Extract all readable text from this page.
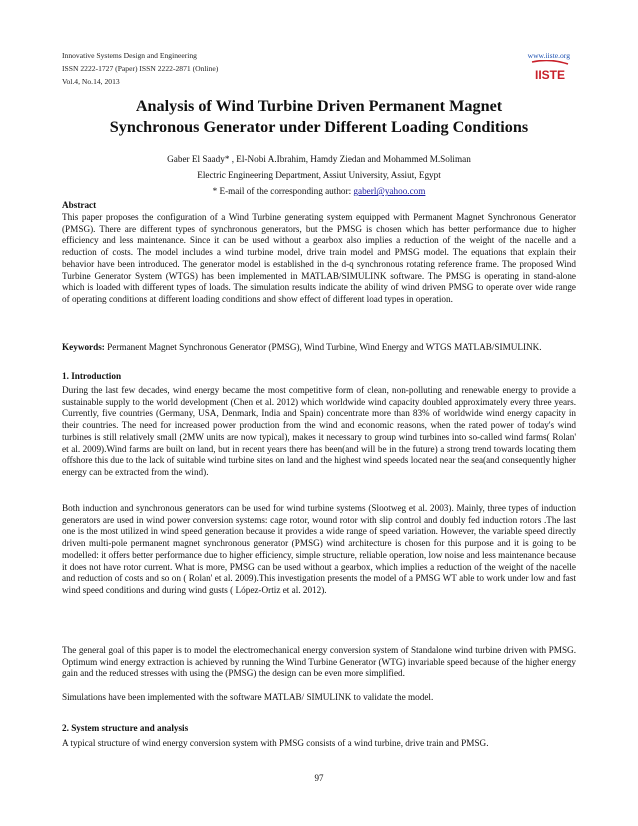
Innovative Systems Design and Engineering
ISSN 2222-1727 (Paper) ISSN 2222-2871 (Online)
Vol.4, No.14, 2013
www.iiste.org
IISTE
Analysis of Wind Turbine Driven Permanent Magnet
Synchronous Generator under Different Loading Conditions
Gaber El Saady* , El-Nobi A.Ibrahim, Hamdy Ziedan and Mohammed M.Soliman
Electric Engineering Department, Assiut University, Assiut, Egypt
* E-mail of the corresponding author: gaberl@yahoo.com
Abstract

This paper proposes the configuration of a Wind Turbine generating system equipped with Permanent Magnet Synchronous Generator (PMSG). There are different types of synchronous generators, but the PMSG is chosen which has better performance due to higher efficiency and less maintenance. Since it can be used without a gearbox also implies a reduction of the weight of the nacelle and a reduction of costs. The model includes a wind turbine model, drive train model and PMSG model. The equations that explain their behavior have been introduced. The generator model is established in the d-q synchronous rotating reference frame. The proposed Wind Turbine Generator System (WTGS) has been implemented in MATLAB/SIMULINK software. The PMSG is operating in stand-alone which is loaded with different types of loads. The simulation results indicate the ability of wind driven PMSG to operate over wide range of operating conditions at different loading conditions and show effect of different load types in operation.

Keywords: Permanent Magnet Synchronous Generator (PMSG), Wind Turbine, Wind Energy and WTGS MATLAB/SIMULINK.

1. Introduction

During the last few decades, wind energy became the most competitive form of clean, non-polluting and renewable energy to provide a sustainable supply to the world development (Chen et al. 2012) which worldwide wind capacity doubled approximately every three years. Currently, five countries (Germany, USA, Denmark, India and Spain) concentrate more than 83% of worldwide wind energy capacity in their countries. The need for increased power production from the wind and economic reasons, when the rated power of today's wind turbines is still relatively small (2MW units are now typical), makes it necessary to group wind turbines into so-called wind farms( Rolan' et al. 2009).Wind farms are built on land, but in recent years there has been(and will be in the future) a strong trend towards locating them offshore this due to the lack of suitable wind turbine sites on land and the highest wind speeds located near the sea(and consequently higher energy can be extracted from the wind).

Both induction and synchronous generators can be used for wind turbine systems (Slootweg et al. 2003). Mainly, three types of induction generators are used in wind power conversion systems: cage rotor, wound rotor with slip control and doubly fed induction rotors .The last one is the most utilized in wind speed generation because it provides a wide range of speed variation. However, the variable speed directly driven multi-pole permanent magnet synchronous generator (PMSG) wind architecture is chosen for this purpose and it is going to be modelled: it offers better performance due to higher efficiency, simple structure, reliable operation, low noise and less maintenance because it does not have rotor current. What is more, PMSG can be used without a gearbox, which implies a reduction of the weight of the nacelle and reduction of costs and so on ( Rolan' et al. 2009).This investigation presents the model of a PMSG WT able to work under low and fast wind speed conditions and during wind gusts ( López-Ortiz et al. 2012).

The general goal of this paper is to model the electromechanical energy conversion system of Standalone wind turbine driven with PMSG. Optimum wind energy extraction is achieved by running the Wind Turbine Generator (WTG) invariable speed because of the higher energy gain and the reduced stresses with using the (PMSG) the design can be even more simplified.

Simulations have been implemented with the software MATLAB/ SIMULINK to validate the model.

2. System structure and analysis

A typical structure of wind energy conversion system with PMSG consists of a wind turbine, drive train and PMSG.

97
